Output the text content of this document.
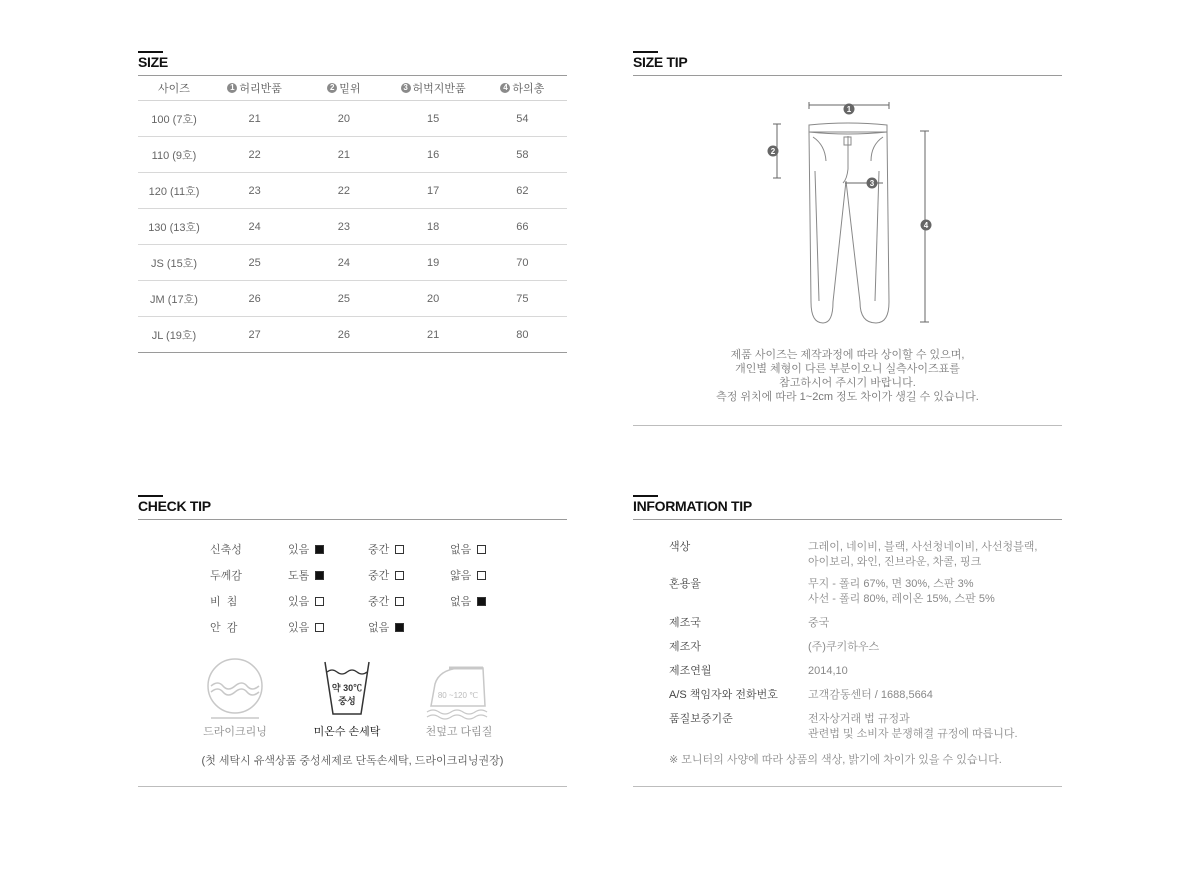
SIZE
사이즈	1 허리반품	2 밑위	3 허벅지반품	4 하의총
100 (7호)	21	20	15	54
110 (9호)	22	21	16	58
120 (11호)	23	22	17	62
130 (13호)	24	23	18	66
JS (15호)	25	24	19	70
JM (17호)	26	25	20	75
JL (19호)	27	26	21	80
SIZE TIP
1
2
3
4
제품 사이즈는 제작과정에 따라 상이할 수 있으며,
개인별 체형이 다른 부분이오니 실측사이즈표를
참고하시어 주시기 바랍니다.
측정 위치에 따라 1~2cm 정도 차이가 생길 수 있습니다.
CHECK TIP
신축성	있음	중간	없음
두께감	도톰	중간	얇음
비  침	있음	중간	없음
안  감	있음	없음
드라이크리닝
약 30℃
중성
미온수 손세탁
80 ~120 ℃
천덮고 다림질
(첫 세탁시 유색상품 중성세제로 단독손세탁, 드라이크리닝권장)
INFORMATION TIP
색상	그레이, 네이비, 블랙, 사선청네이비, 사선청블랙,
아이보리, 와인, 진브라운, 차콜, 핑크
혼용율	무지 - 폴리 67%, 면 30%, 스판 3%
사선 - 폴리 80%, 레이온 15%, 스판 5%
제조국	중국
제조자	(주)쿠키하우스
제조연월	2014,10
A/S 책임자와 전화번호	고객감동센터 / 1688,5664
품질보증기준	전자상거래 법 규정과
관련법 및 소비자 분쟁해결 규정에 따릅니다.
※ 모니터의 사양에 따라 상품의 색상, 밝기에 차이가 있을 수 있습니다.
